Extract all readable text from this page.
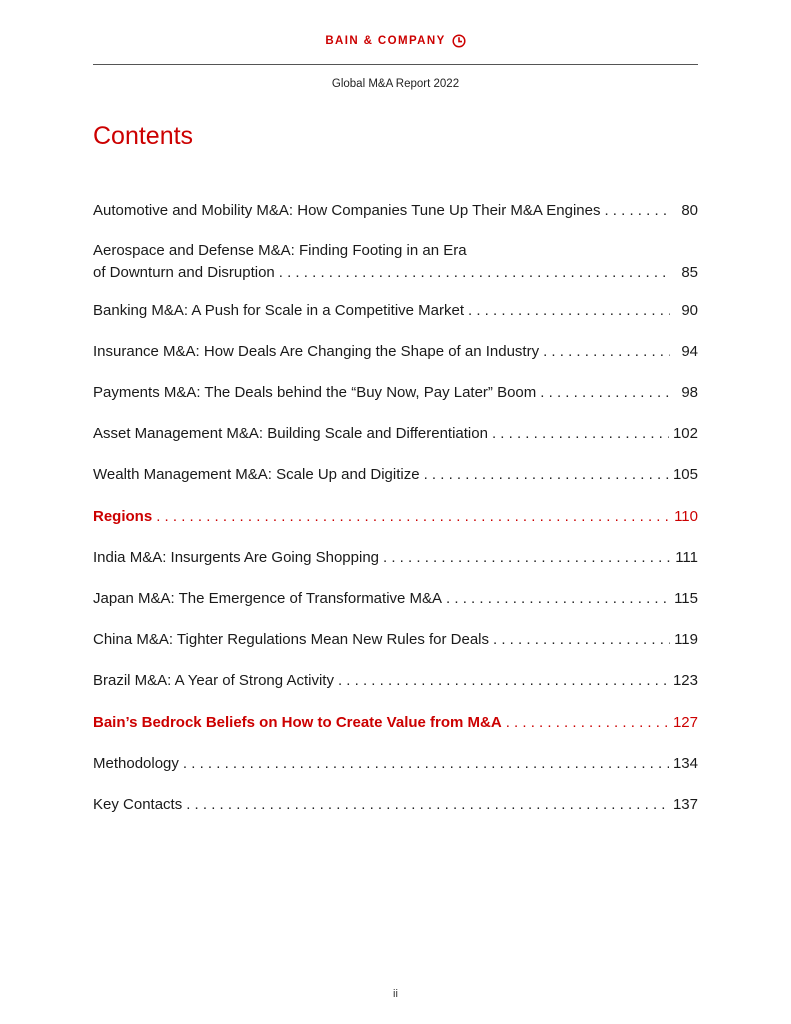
BAIN & COMPANY
Global M&A Report 2022
Contents
Automotive and Mobility M&A: How Companies Tune Up Their M&A Engines . . .	80
Aerospace and Defense M&A: Finding Footing in an Era
of Downturn and Disruption . . .	85
Banking M&A: A Push for Scale in a Competitive Market . . .	90
Insurance M&A: How Deals Are Changing the Shape of an Industry . . .	94
Payments M&A: The Deals behind the “Buy Now, Pay Later” Boom . . .	98
Asset Management M&A: Building Scale and Differentiation . . .	102
Wealth Management M&A: Scale Up and Digitize . . .	105
Regions . . .	110
India M&A: Insurgents Are Going Shopping . . .	111
Japan M&A: The Emergence of Transformative M&A . . .	115
China M&A: Tighter Regulations Mean New Rules for Deals . . .	119
Brazil M&A: A Year of Strong Activity . . .	123
Bain’s Bedrock Beliefs on How to Create Value from M&A . . .	127
Methodology . . .	134
Key Contacts . . .	137
ii
